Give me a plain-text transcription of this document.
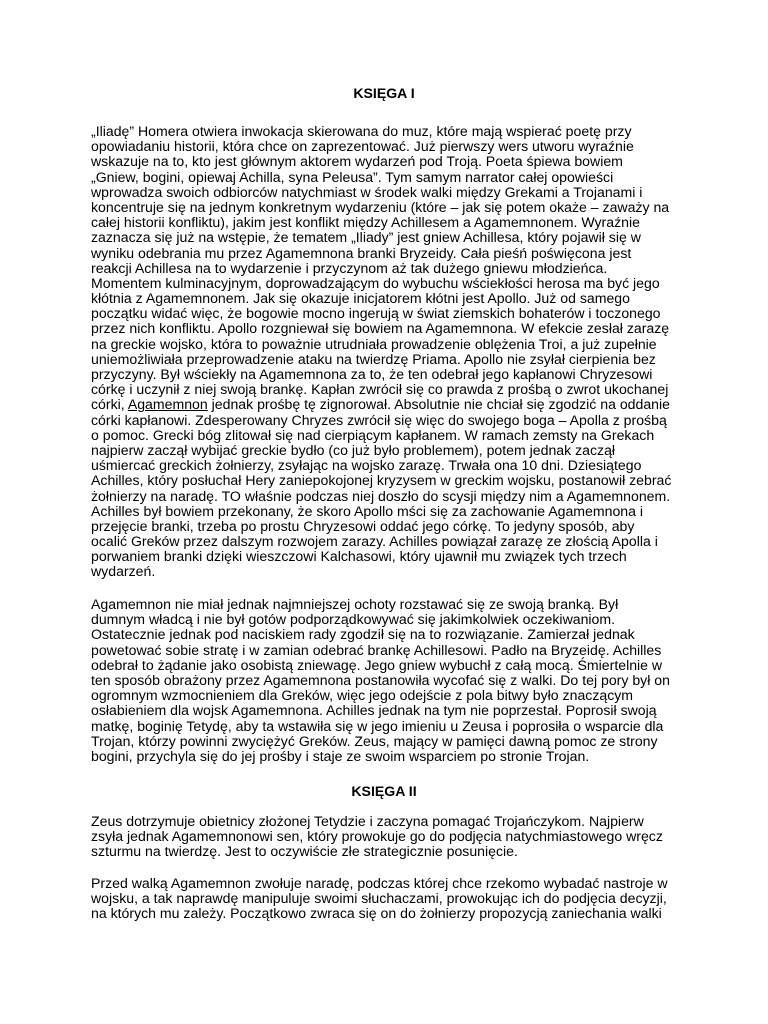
KSIĘGA I
„Iliadę” Homera otwiera inwokacja skierowana do muz, które mają wspierać poetę przy
opowiadaniu historii, która chce on zaprezentować. Już pierwszy wers utworu wyraźnie
wskazuje na to, kto jest głównym aktorem wydarzeń pod Troją. Poeta śpiewa bowiem
„Gniew, bogini, opiewaj Achilla, syna Peleusa”. Tym samym narrator całej opowieści
wprowadza swoich odbiorców natychmiast w środek walki między Grekami a Trojanami i
koncentruje się na jednym konkretnym wydarzeniu (które – jak się potem okaże – zaważy na
całej historii konfliktu), jakim jest konflikt między Achillesem a Agamemnonem. Wyraźnie
zaznacza się już na wstępie, że tematem „Iliady” jest gniew Achillesa, który pojawił się w
wyniku odebrania mu przez Agamemnona branki Bryzeidy. Cała pieśń poświęcona jest
reakcji Achillesa na to wydarzenie i przyczynom aż tak dużego gniewu młodzieńca.
Momentem kulminacyjnym, doprowadzającym do wybuchu wściekłości herosa ma być jego
kłótnia z Agamemnonem. Jak się okazuje inicjatorem kłótni jest Apollo. Już od samego
początku widać więc, że bogowie mocno ingerują w świat ziemskich bohaterów i toczonego
przez nich konfliktu. Apollo rozgniewał się bowiem na Agamemnona. W efekcie zesłał zarazę
na greckie wojsko, która to poważnie utrudniała prowadzenie oblężenia Troi, a już zupełnie
uniemożliwiała przeprowadzenie ataku na twierdzę Priama. Apollo nie zsyłał cierpienia bez
przyczyny. Był wściekły na Agamemnona za to, że ten odebrał jego kapłanowi Chryzesowi
córkę i uczynił z niej swoją brankę. Kapłan zwrócił się co prawda z prośbą o zwrot ukochanej
córki, Agamemnon jednak prośbę tę zignorował. Absolutnie nie chciał się zgodzić na oddanie
córki kapłanowi. Zdesperowany Chryzes zwrócił się więc do swojego boga – Apolla z prośbą
o pomoc. Grecki bóg zlitował się nad cierpiącym kapłanem. W ramach zemsty na Grekach
najpierw zaczął wybijać greckie bydło (co już było problemem), potem jednak zaczął
uśmiercać greckich żołnierzy, zsyłając na wojsko zarazę. Trwała ona 10 dni. Dziesiątego
Achilles, który posłuchał Hery zaniepokojonej kryzysem w greckim wojsku, postanowił zebrać
żołnierzy na naradę. TO właśnie podczas niej doszło do scysji między nim a Agamemnonem.
Achilles był bowiem przekonany, że skoro Apollo mści się za zachowanie Agamemnona i
przejęcie branki, trzeba po prostu Chryzesowi oddać jego córkę. To jedyny sposób, aby
ocalić Greków przez dalszym rozwojem zarazy. Achilles powiązał zarazę ze złością Apolla i
porwaniem branki dzięki wieszczowi Kalchasowi, który ujawnił mu związek tych trzech
wydarzeń.
Agamemnon nie miał jednak najmniejszej ochoty rozstawać się ze swoją branką. Był
dumnym władcą i nie był gotów podporządkowywać się jakimkolwiek oczekiwaniom.
Ostatecznie jednak pod naciskiem rady zgodził się na to rozwiązanie. Zamierzał jednak
powetować sobie stratę i w zamian odebrać brankę Achillesowi. Padło na Bryzeidę. Achilles
odebrał to żądanie jako osobistą zniewagę. Jego gniew wybuchł z całą mocą. Śmiertelnie w
ten sposób obrażony przez Agamemnona postanowiła wycofać się z walki. Do tej pory był on
ogromnym wzmocnieniem dla Greków, więc jego odejście z pola bitwy było znaczącym
osłabieniem dla wojsk Agamemnona. Achilles jednak na tym nie poprzestał. Poprosił swoją
matkę, boginię Tetydę, aby ta wstawiła się w jego imieniu u Zeusa i poprosiła o wsparcie dla
Trojan, którzy powinni zwyciężyć Greków. Zeus, mający w pamięci dawną pomoc ze strony
bogini, przychyla się do jej prośby i staje ze swoim wsparciem po stronie Trojan.
KSIĘGA II
Zeus dotrzymuje obietnicy złożonej Tetydzie i zaczyna pomagać Trojańczykom. Najpierw
zsyła jednak Agamemnonowi sen, który prowokuje go do podjęcia natychmiastowego wręcz
szturmu na twierdzę. Jest to oczywiście złe strategicznie posunięcie.
Przed walką Agamemnon zwołuje naradę, podczas której chce rzekomo wybadać nastroje w
wojsku, a tak naprawdę manipuluje swoimi słuchaczami, prowokując ich do podjęcia decyzji,
na których mu zależy. Początkowo zwraca się on do żołnierzy propozycją zaniechania walki
